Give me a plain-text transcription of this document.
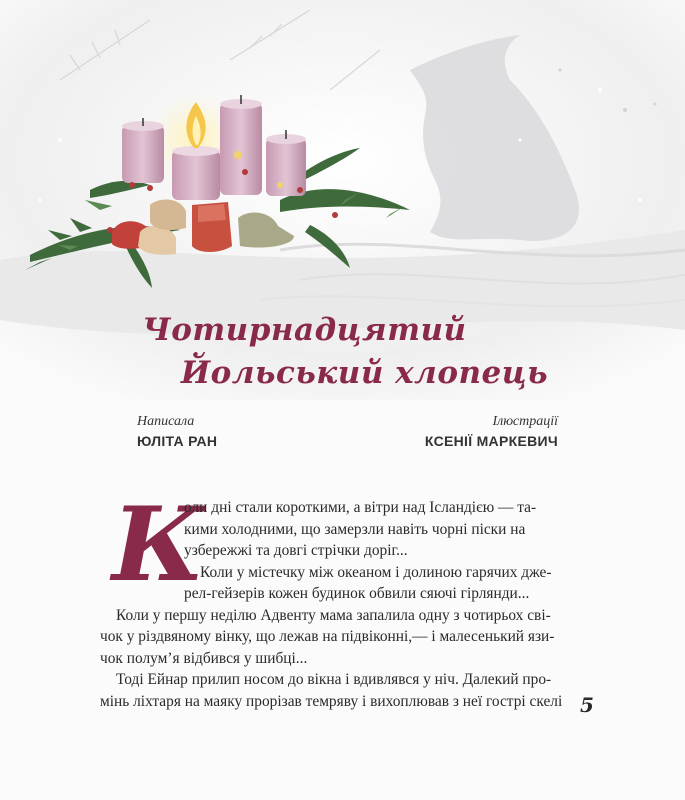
Чотирнадцятий
Йольський хлопець
Написала
ЮЛІТА РАН
Ілюстрації
КСЕНІЇ МАРКЕВИЧ
К
оли дні стали короткими, а вітри над Ісландією — та-
кими холодними, що замерзли навіть чорні піски на
узбережжі та довгі стрічки доріг...
Коли у містечку між океаном і долиною гарячих дже-
рел-гейзерів кожен будинок обвили сяючі гірлянди...
Коли у першу неділю Адвенту мама запалила одну з чотирьох сві-
чок у різдвяному вінку, що лежав на підвіконні,— і малесенький язи-
чок полум’я відбився у шибці...
Тоді Ейнар прилип носом до вікна і вдивлявся у ніч. Далекий про-
мінь ліхтаря на маяку прорізав темряву і вихоплював з неї гострі скелі 5
